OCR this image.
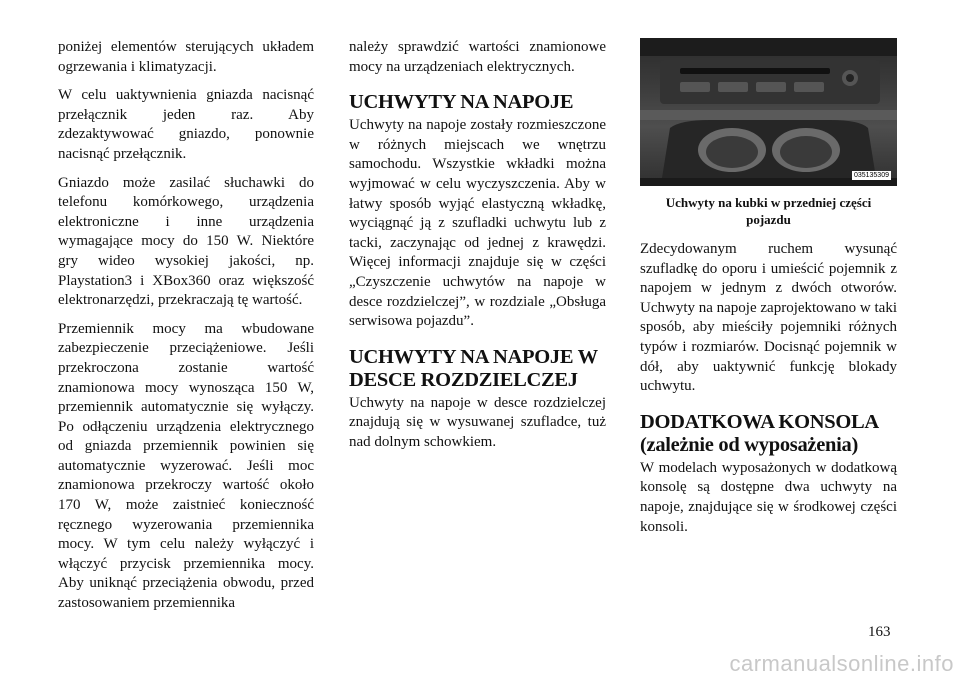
poniżej elementów sterujących układem ogrzewania i klimatyzacji.

W celu uaktywnienia gniazda nacisnąć przełącznik jeden raz. Aby zdezaktywować gniazdo, ponownie nacisnąć przełącznik.

Gniazdo może zasilać słuchawki do telefonu komórkowego, urządzenia elektroniczne i inne urządzenia wymagające mocy do 150 W. Niektóre gry wideo wysokiej jakości, np. Playstation3 i XBox360 oraz większość elektronarzędzi, przekraczają tę wartość.

Przemiennik mocy ma wbudowane zabezpieczenie przeciążeniowe. Jeśli przekroczona zostanie wartość znamionowa mocy wynosząca 150 W, przemiennik automatycznie się wyłączy. Po odłączeniu urządzenia elektrycznego od gniazda przemiennik powinien się automatycznie wyzerować. Jeśli moc znamionowa przekroczy wartość około 170 W, może zaistnieć konieczność ręcznego wyzerowania przemiennika mocy. W tym celu należy wyłączyć i włączyć przycisk przemiennika mocy. Aby uniknąć przeciążenia obwodu, przed zastosowaniem przemiennika

należy sprawdzić wartości znamionowe mocy na urządzeniach elektrycznych.

UCHWYTY NA NAPOJE

Uchwyty na napoje zostały rozmieszczone w różnych miejscach we wnętrzu samochodu. Wszystkie wkładki można wyjmować w celu wyczyszczenia. Aby w łatwy sposób wyjąć elastyczną wkładkę, wyciągnąć ją z szufladki uchwytu lub z tacki, zaczynając od jednej z krawędzi. Więcej informacji znajduje się w części „Czyszczenie uchwytów na napoje w desce rozdzielczej”, w rozdziale „Obsługa serwisowa pojazdu”.

UCHWYTY NA NAPOJE W DESCE ROZDZIELCZEJ

Uchwyty na napoje w desce rozdzielczej znajdują się w wysuwanej szufladce, tuż nad dolnym schowkiem.

035135309
Uchwyty na kubki w przedniej części pojazdu

Zdecydowanym ruchem wysunąć szufladkę do oporu i umieścić pojemnik z napojem w jednym z dwóch otworów. Uchwyty na napoje zaprojektowano w taki sposób, aby mieściły pojemniki różnych typów i rozmiarów. Docisnąć pojemnik w dół, aby uaktywnić funkcję blokady uchwytu.

DODATKOWA KONSOLA (zależnie od wyposażenia)

W modelach wyposażonych w dodatkową konsolę są dostępne dwa uchwyty na napoje, znajdujące się w środkowej części konsoli.

163
carmanualsonline.info
